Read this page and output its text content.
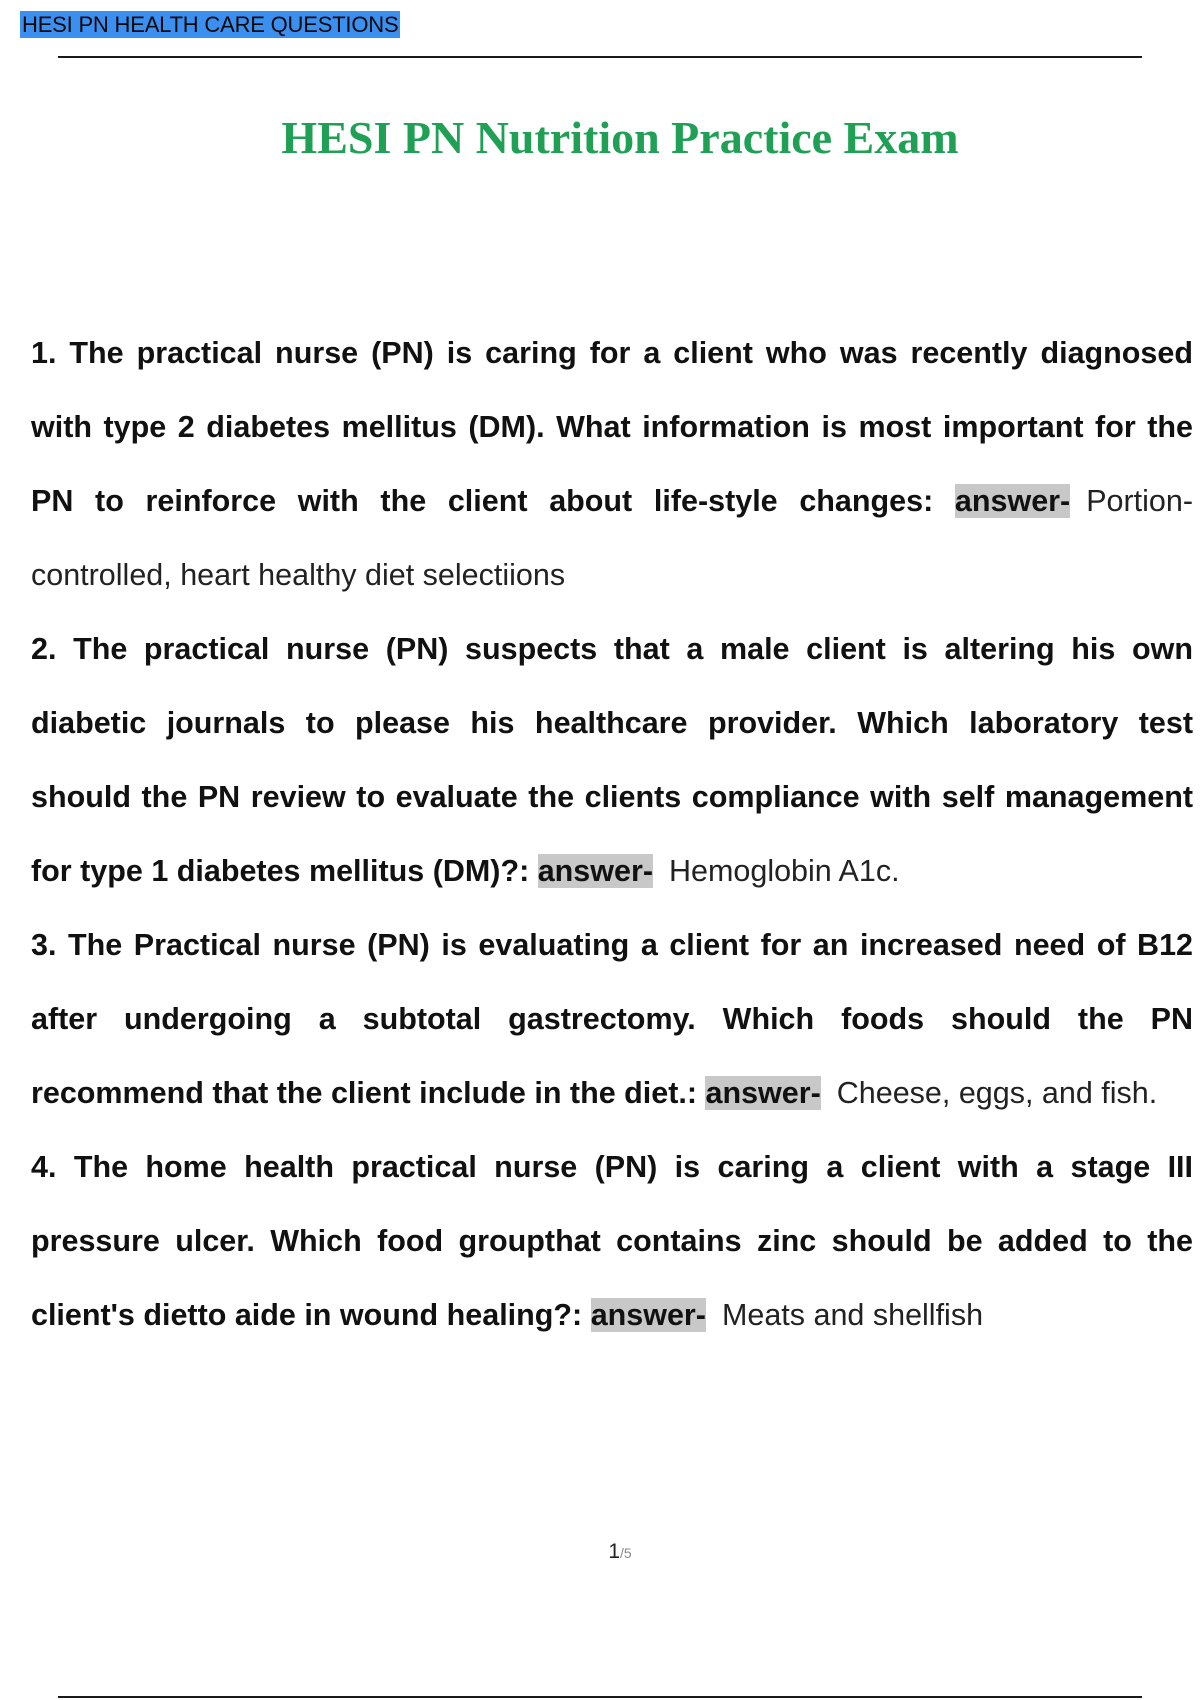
HESI PN HEALTH CARE QUESTIONS
HESI PN Nutrition Practice Exam

1. The practical nurse (PN) is caring for a client who was recently diagnosed with type 2 diabetes mellitus (DM). What information is most important for the PN to reinforce with the client about life-style changes: answer- Portion-controlled, heart healthy diet selectiions

2. The practical nurse (PN) suspects that a male client is altering his own diabetic journals to please his healthcare provider. Which laboratory test should the PN review to evaluate the clients compliance with self management for type 1 diabetes mellitus (DM)?: answer- Hemoglobin A1c.

3. The Practical nurse (PN) is evaluating a client for an increased need of B12 after undergoing a subtotal gastrectomy. Which foods should the PN recommend that the client include in the diet.: answer- Cheese, eggs, and fish.

4. The home health practical nurse (PN) is caring a client with a stage III pressure ulcer. Which food groupthat contains zinc should be added to the client's dietto aide in wound healing?: answer- Meats and shellfish

1/5
